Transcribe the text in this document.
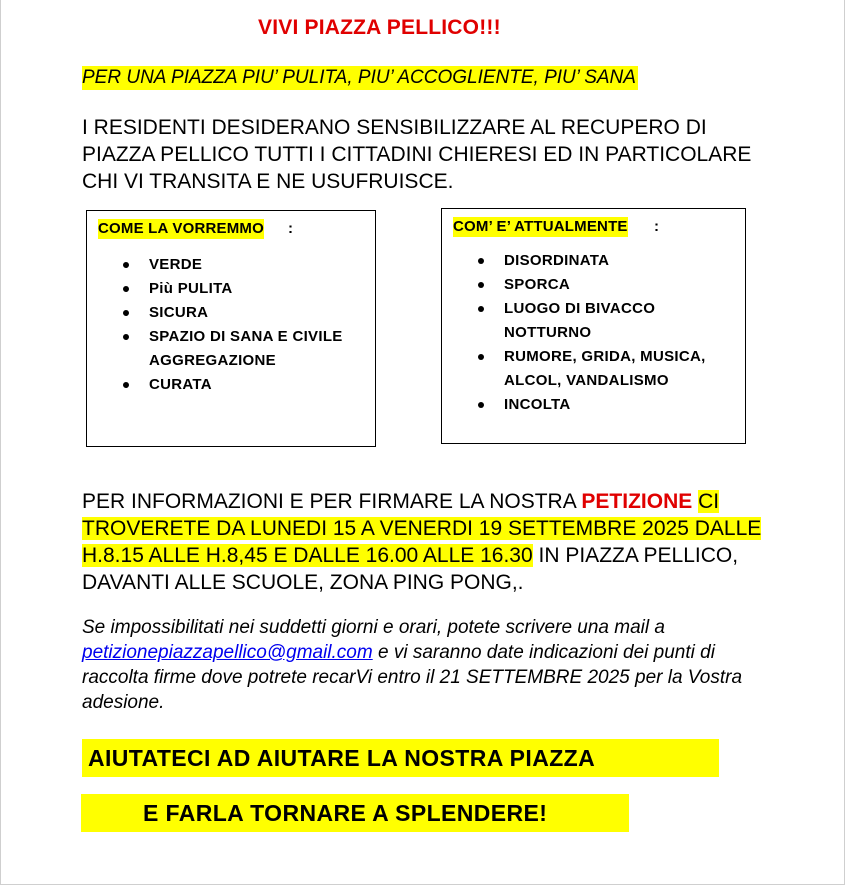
VIVI PIAZZA PELLICO!!!
PER UNA PIAZZA PIU’ PULITA, PIU’ ACCOGLIENTE, PIU’ SANA
I RESIDENTI DESIDERANO SENSIBILIZZARE AL RECUPERO DI PIAZZA PELLICO TUTTI I CITTADINI CHIERESI ED IN PARTICOLARE CHI VI TRANSITA E NE USUFRUISCE.
COME LA VORREMMO :
VERDE
Più PULITA
SICURA
SPAZIO DI SANA E CIVILE AGGREGAZIONE
CURATA
COM’ E’ ATTUALMENTE :
DISORDINATA
SPORCA
LUOGO DI BIVACCO NOTTURNO
RUMORE, GRIDA, MUSICA, ALCOL, VANDALISMO
INCOLTA
PER INFORMAZIONI E PER FIRMARE LA NOSTRA PETIZIONE CI TROVERETE DA LUNEDI 15 A VENERDI 19 SETTEMBRE 2025 DALLE H.8.15 ALLE H.8,45 E DALLE 16.00 ALLE 16.30 IN PIAZZA PELLICO, DAVANTI ALLE SCUOLE, ZONA PING PONG,.
Se impossibilitati nei suddetti giorni e orari, potete scrivere una mail a petizionepiazzapellico@gmail.com e vi saranno date indicazioni dei punti di raccolta firme dove potrete recarVi entro il 21 SETTEMBRE 2025 per la Vostra adesione.
AIUTATECI AD AIUTARE LA NOSTRA PIAZZA
E FARLA TORNARE A SPLENDERE!
